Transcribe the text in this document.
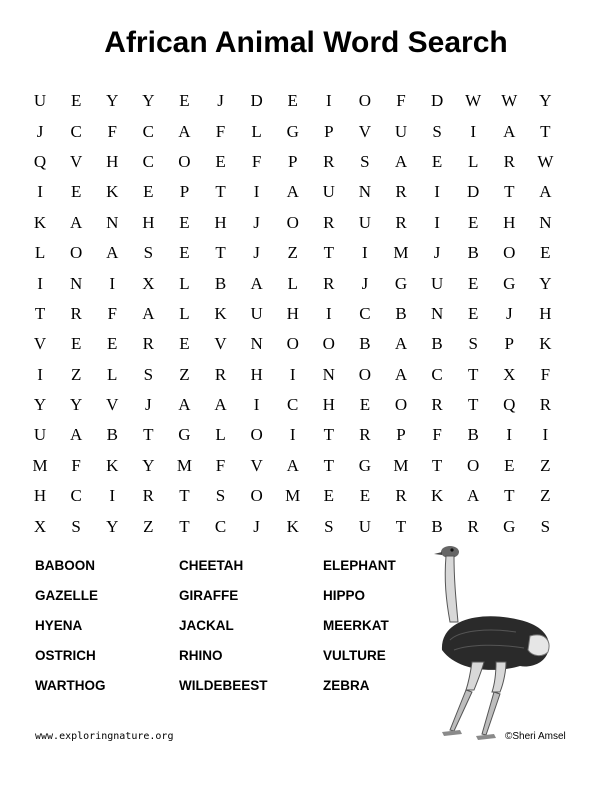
African Animal Word Search
U	E	Y	Y	E	J	D	E	I	O	F	D	W	W	Y
J	C	F	C	A	F	L	G	P	V	U	S	I	A	T
Q	V	H	C	O	E	F	P	R	S	A	E	L	R	W
I	E	K	E	P	T	I	A	U	N	R	I	D	T	A
K	A	N	H	E	H	J	O	R	U	R	I	E	H	N
L	O	A	S	E	T	J	Z	T	I	M	J	B	O	E
I	N	I	X	L	B	A	L	R	J	G	U	E	G	Y
T	R	F	A	L	K	U	H	I	C	B	N	E	J	H
V	E	E	R	E	V	N	O	O	B	A	B	S	P	K
I	Z	L	S	Z	R	H	I	N	O	A	C	T	X	F
Y	Y	V	J	A	A	I	C	H	E	O	R	T	Q	R
U	A	B	T	G	L	O	I	T	R	P	F	B	I	I
M	F	K	Y	M	F	V	A	T	G	M	T	O	E	Z
H	C	I	R	T	S	O	M	E	E	R	K	A	T	Z
X	S	Y	Z	T	C	J	K	S	U	T	B	R	G	S
BABOON	CHEETAH	ELEPHANT
GAZELLE	GIRAFFE	HIPPO
HYENA	JACKAL	MEERKAT
OSTRICH	RHINO	VULTURE
WARTHOG	WILDEBEEST	ZEBRA
www.exploringnature.org	©Sheri Amsel
